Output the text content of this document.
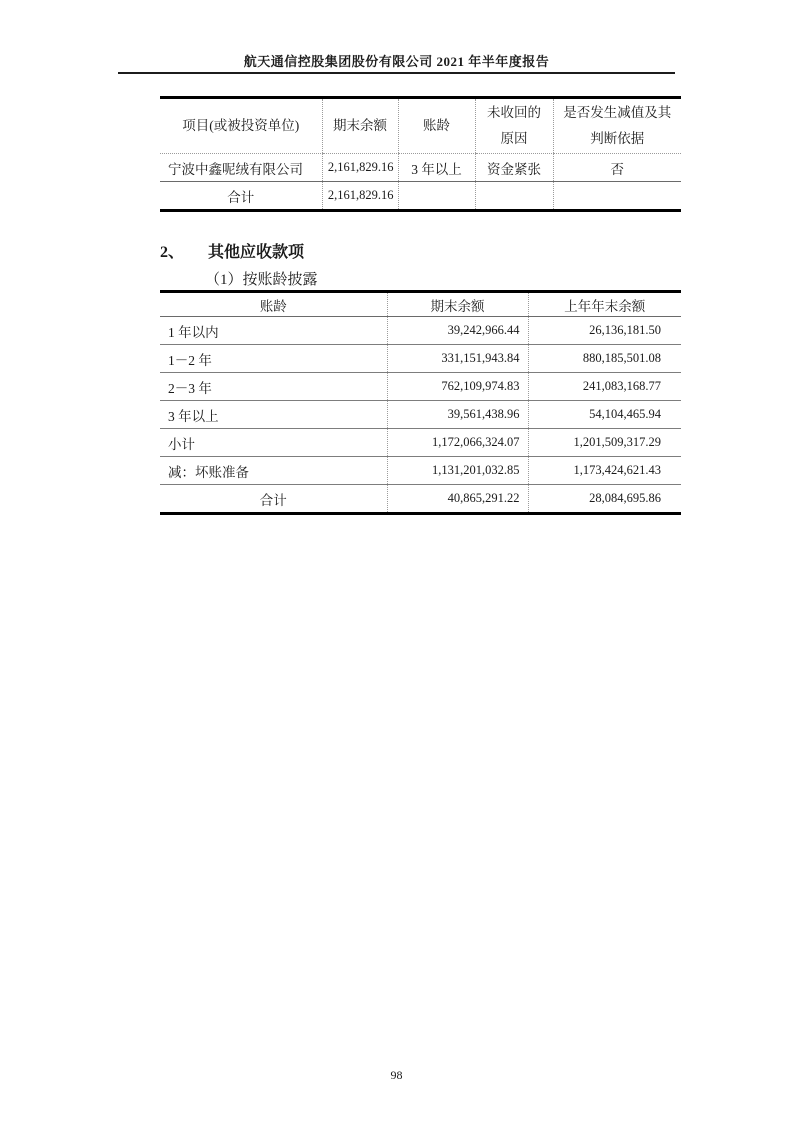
航天通信控股集团股份有限公司 2021 年半年度报告
项目(或被投资单位)	期末余额	账龄	未收回的原因	是否发生减值及其判断依据
宁波中鑫呢绒有限公司	2,161,829.16	3 年以上	资金紧张	否
合计	2,161,829.16			
2、 其他应收款项
（1）按账龄披露
账龄	期末余额	上年年末余额
1 年以内	39,242,966.44	26,136,181.50
1－2 年	331,151,943.84	880,185,501.08
2－3 年	762,109,974.83	241,083,168.77
3 年以上	39,561,438.96	54,104,465.94
小计	1,172,066,324.07	1,201,509,317.29
减：坏账准备	1,131,201,032.85	1,173,424,621.43
合计	40,865,291.22	28,084,695.86
98
